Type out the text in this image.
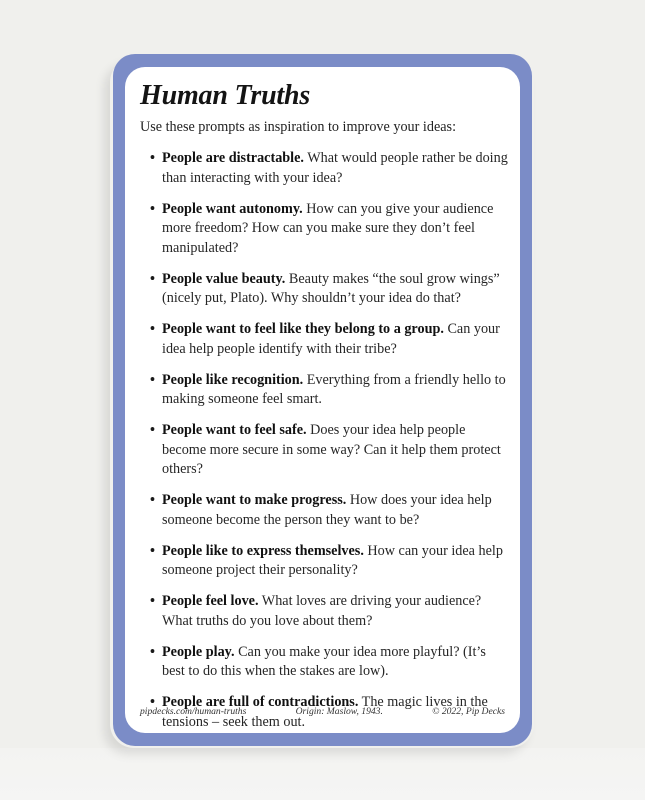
Human Truths

Use these prompts as inspiration to improve your ideas:

• People are distractable. What would people rather be doing than interacting with your idea?
• People want autonomy. How can you give your audience more freedom? How can you make sure they don’t feel manipulated?
• People value beauty. Beauty makes “the soul grow wings” (nicely put, Plato). Why shouldn’t your idea do that?
• People want to feel like they belong to a group. Can your idea help people identify with their tribe?
• People like recognition. Everything from a friendly hello to making someone feel smart.
• People want to feel safe. Does your idea help people become more secure in some way? Can it help them protect others?
• People want to make progress. How does your idea help someone become the person they want to be?
• People like to express themselves. How can your idea help someone project their personality?
• People feel love. What loves are driving your audience? What truths do you love about them?
• People play. Can you make your idea more playful? (It’s best to do this when the stakes are low).
• People are full of contradictions. The magic lives in the tensions – seek them out.
pipdecks.com/human-truths	Origin: Maslow, 1943.	© 2022, Pip Decks
